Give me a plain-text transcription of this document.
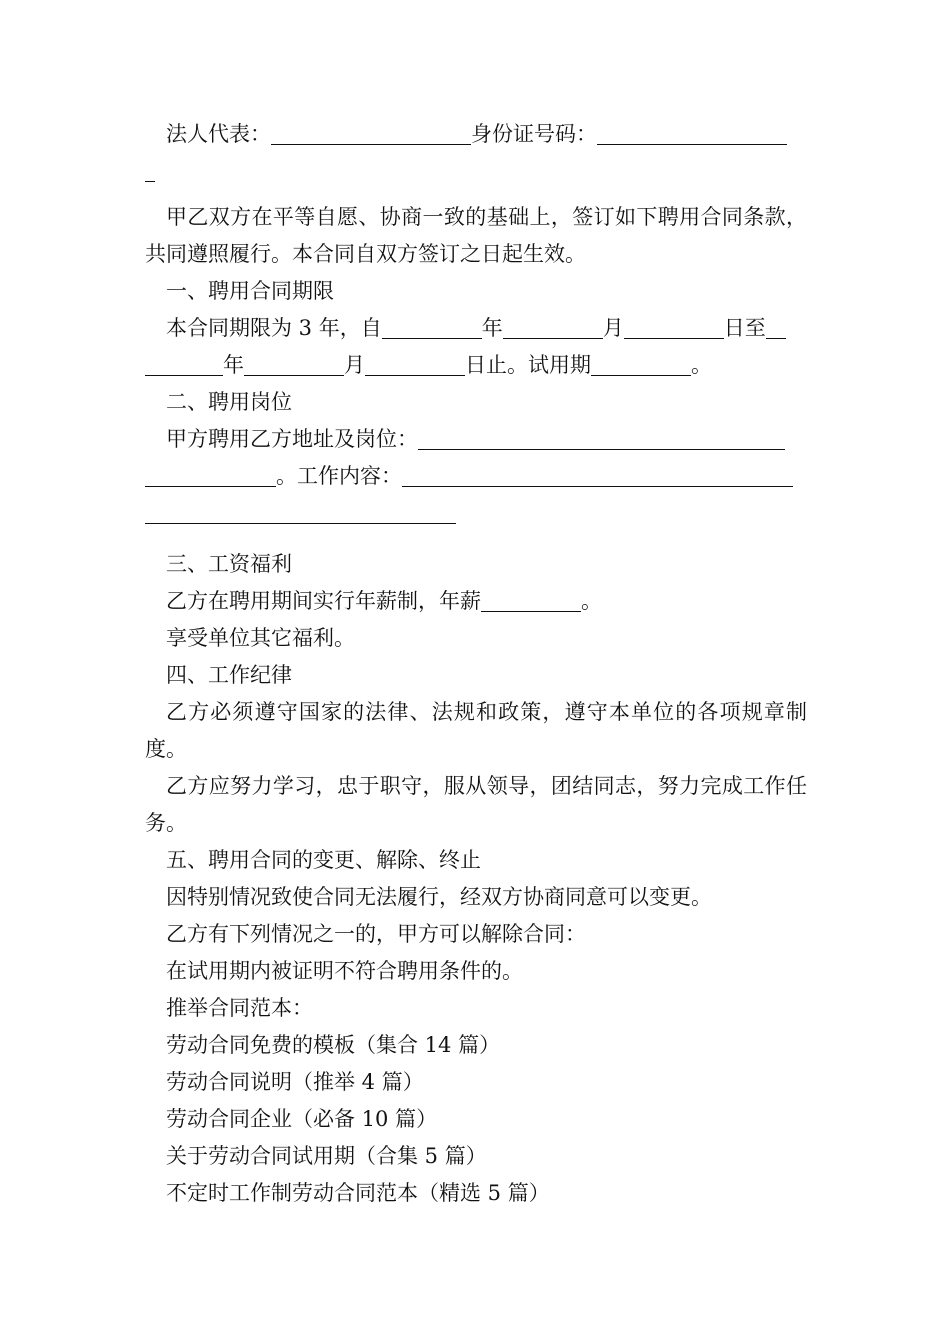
法人代表：	身份证号码：
甲乙双方在平等自愿、协商一致的基础上，签订如下聘用合同条款，共同遵照履行。本合同自双方签订之日起生效。
一、聘用合同期限
本合同期限为 3 年，自	年	月	日至
年	月	日止。试用期	。
二、聘用岗位
甲方聘用乙方地址及岗位：
。工作内容：
三、工资福利
乙方在聘用期间实行年薪制，年薪	。
享受单位其它福利。
四、工作纪律
乙方必须遵守国家的法律、法规和政策，遵守本单位的各项规章制度。
乙方应努力学习，忠于职守，服从领导，团结同志，努力完成工作任务。
五、聘用合同的变更、解除、终止
因特别情况致使合同无法履行，经双方协商同意可以变更。
乙方有下列情况之一的，甲方可以解除合同：
在试用期内被证明不符合聘用条件的。
推举合同范本：
劳动合同免费的模板（集合 14 篇）
劳动合同说明（推举 4 篇）
劳动合同企业（必备 10 篇）
关于劳动合同试用期（合集 5 篇）
不定时工作制劳动合同范本（精选 5 篇）
